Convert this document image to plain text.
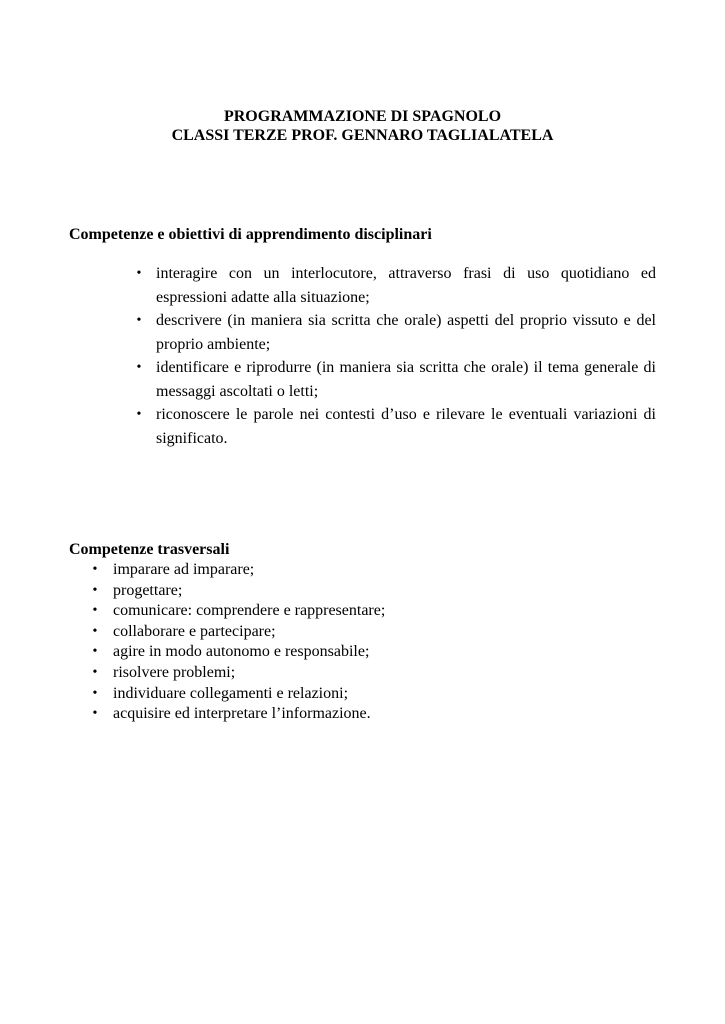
PROGRAMMAZIONE DI SPAGNOLO
CLASSI TERZE PROF. GENNARO TAGLIALATELA
Competenze e obiettivi di apprendimento disciplinari
• interagire con un interlocutore, attraverso frasi di uso quotidiano ed espressioni adatte alla situazione;
• descrivere (in maniera sia scritta che orale) aspetti del proprio vissuto e del proprio ambiente;
• identificare e riprodurre (in maniera sia scritta che orale) il tema generale di messaggi ascoltati o letti;
• riconoscere le parole nei contesti d’uso e rilevare le eventuali variazioni di significato.
Competenze trasversali
• imparare ad imparare;
• progettare;
• comunicare: comprendere e rappresentare;
• collaborare e partecipare;
• agire in modo autonomo e responsabile;
• risolvere problemi;
• individuare collegamenti e relazioni;
• acquisire ed interpretare l’informazione.
